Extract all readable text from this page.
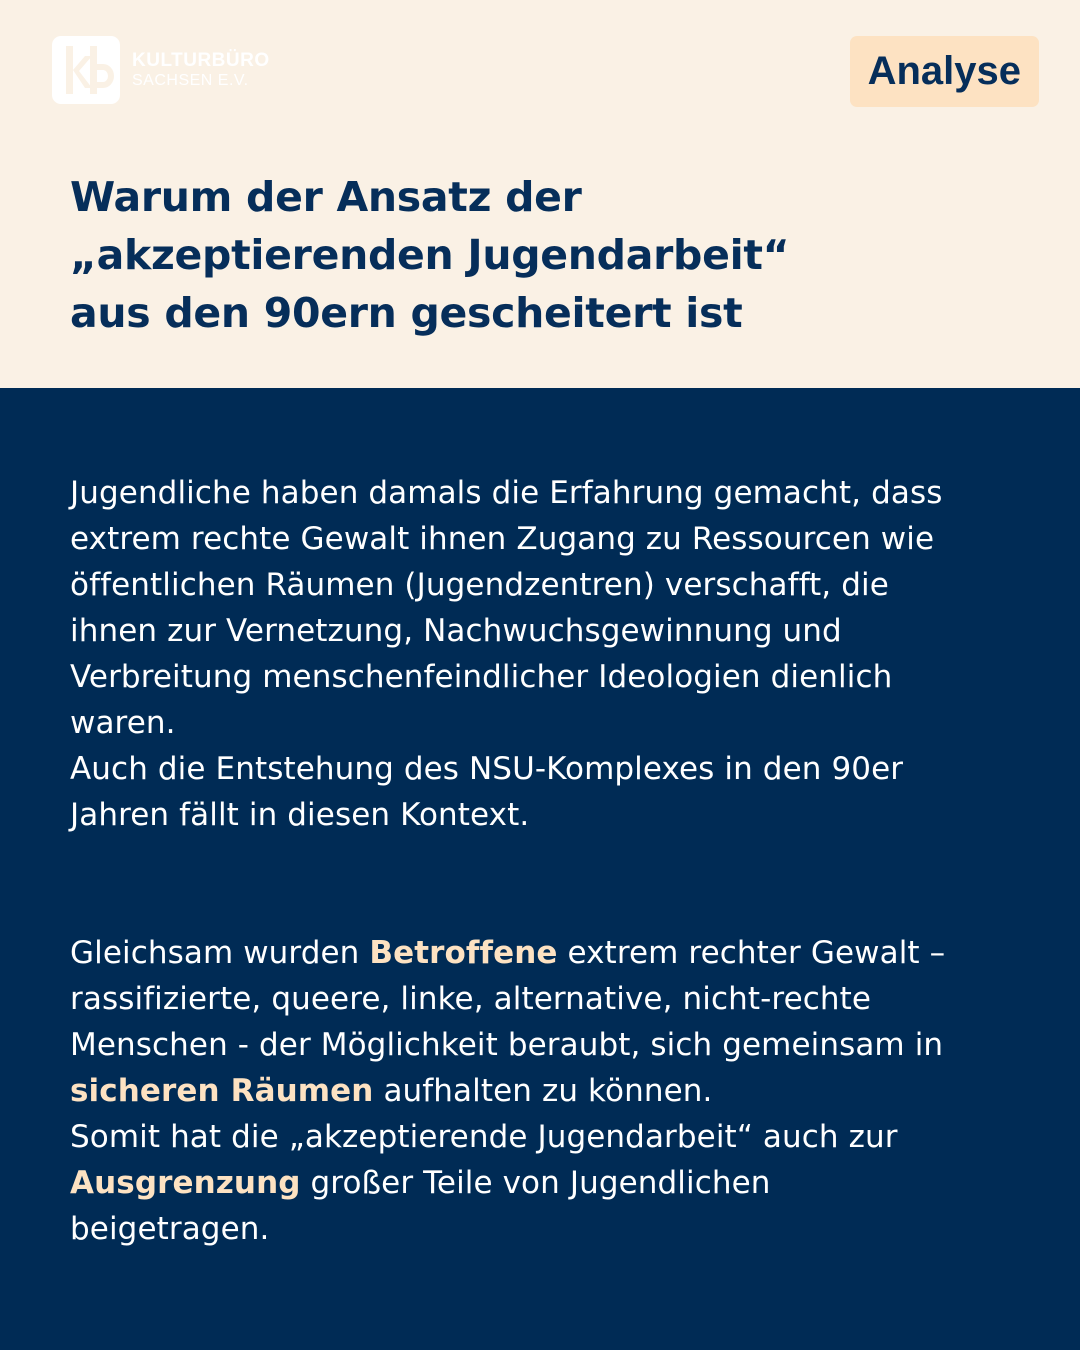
KULTURBÜRO
SACHSEN E.V.	Analyse
Warum der Ansatz der
„akzeptierenden Jugendarbeit“
aus den 90ern gescheitert ist

Jugendliche haben damals die Erfahrung gemacht, dass
extrem rechte Gewalt ihnen Zugang zu Ressourcen wie
öffentlichen Räumen (Jugendzentren) verschafft, die
ihnen zur Vernetzung, Nachwuchsgewinnung und
Verbreitung menschenfeindlicher Ideologien dienlich
waren.
Auch die Entstehung des NSU-Komplexes in den 90er
Jahren fällt in diesen Kontext.

Gleichsam wurden Betroffene extrem rechter Gewalt –
rassifizierte, queere, linke, alternative, nicht-rechte
Menschen - der Möglichkeit beraubt, sich gemeinsam in
sicheren Räumen aufhalten zu können.
Somit hat die „akzeptierende Jugendarbeit“ auch zur
Ausgrenzung großer Teile von Jugendlichen
beigetragen.
